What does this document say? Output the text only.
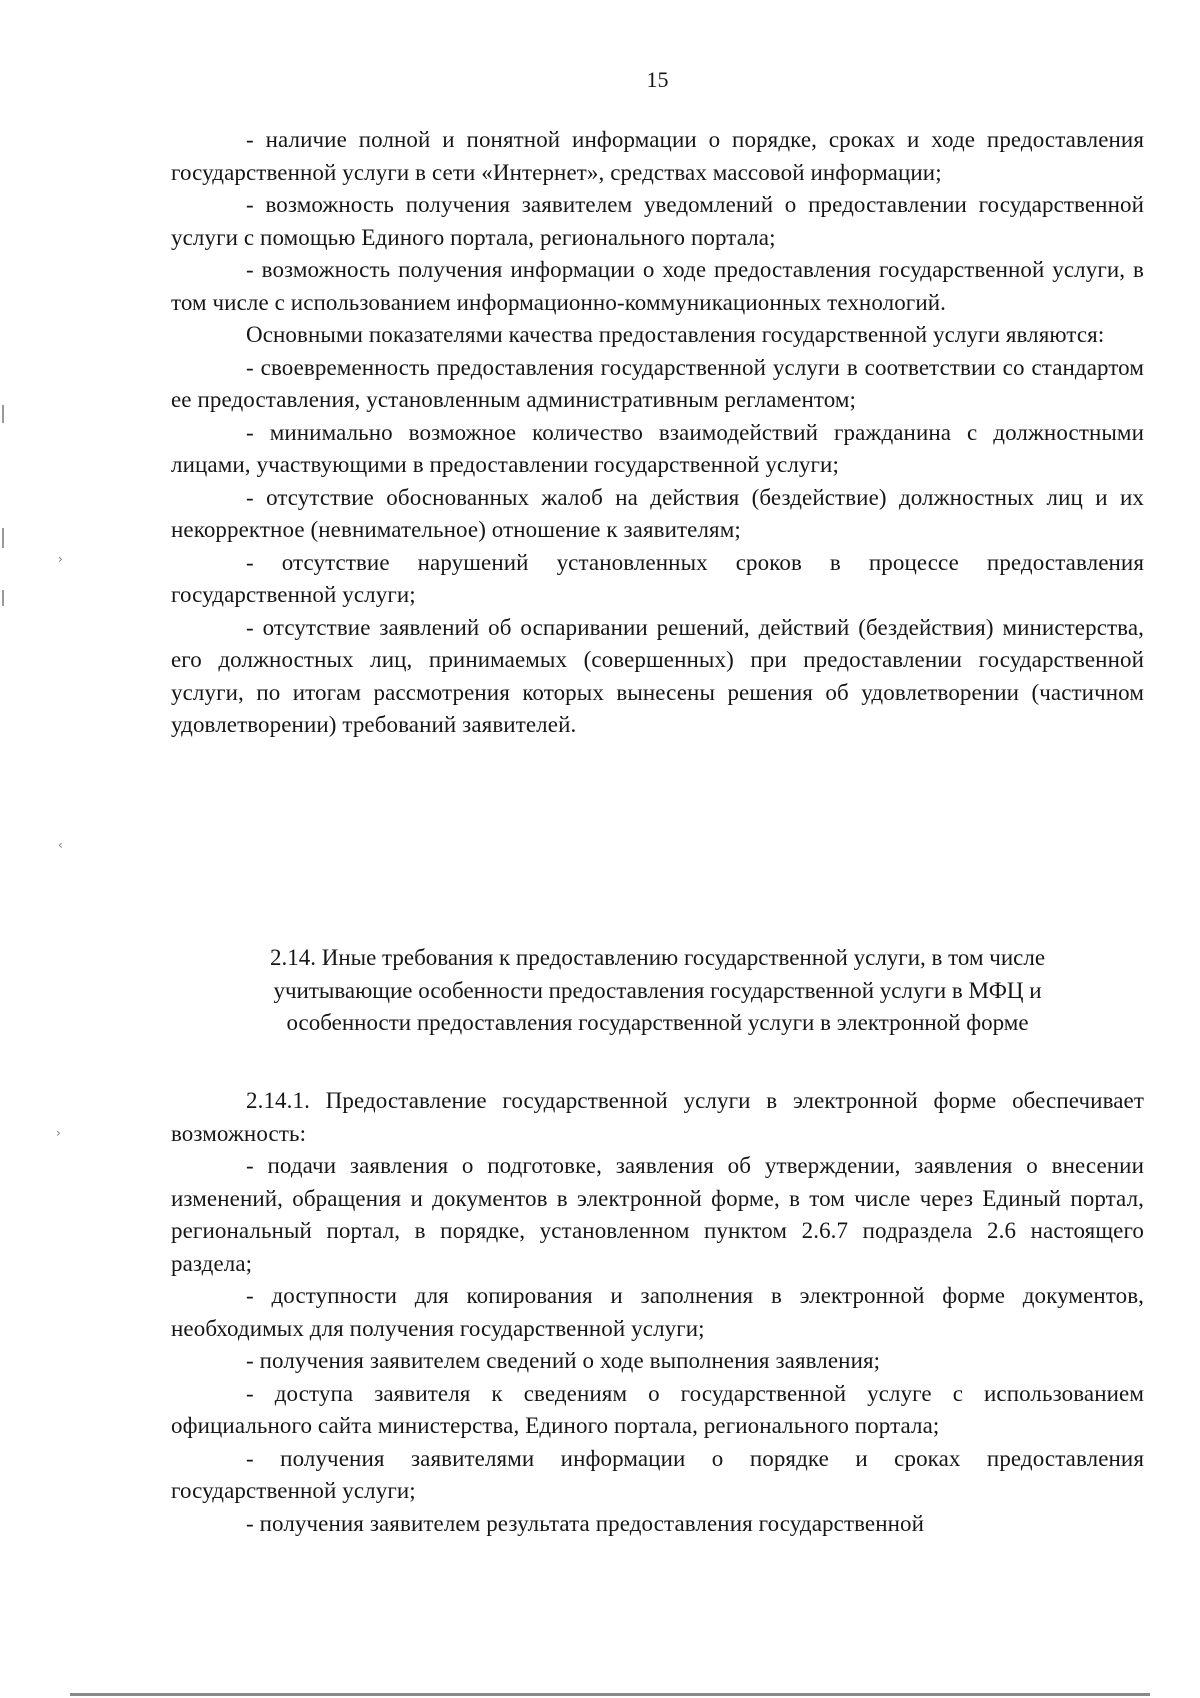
15

- наличие полной и понятной информации о порядке, сроках и ходе предоставления государственной услуги в сети «Интернет», средствах массовой информации;

- возможность получения заявителем уведомлений о предоставлении государственной услуги с помощью Единого портала, регионального портала;

- возможность получения информации о ходе предоставления государственной услуги, в том числе с использованием информационно-коммуникационных технологий.

Основными показателями качества предоставления государственной услуги являются:

- своевременность предоставления государственной услуги в соответствии со стандартом ее предоставления, установленным административным регламентом;

- минимально возможное количество взаимодействий гражданина с должностными лицами, участвующими в предоставлении государственной услуги;

- отсутствие обоснованных жалоб на действия (бездействие) должностных лиц и их некорректное (невнимательное) отношение к заявителям;

- отсутствие нарушений установленных сроков в процессе предоставления государственной услуги;

- отсутствие заявлений об оспаривании решений, действий (бездействия) министерства, его должностных лиц, принимаемых (совершенных) при предоставлении государственной услуги, по итогам рассмотрения которых вынесены решения об удовлетворении (частичном удовлетворении) требований заявителей.

2.14. Иные требования к предоставлению государственной услуги, в том числе
учитывающие особенности предоставления государственной услуги в МФЦ и
особенности предоставления государственной услуги в электронной форме

2.14.1. Предоставление государственной услуги в электронной форме обеспечивает возможность:

- подачи заявления о подготовке, заявления об утверждении, заявления о внесении изменений, обращения и документов в электронной форме, в том числе через Единый портал, региональный портал, в порядке, установленном пунктом 2.6.7 подраздела 2.6 настоящего раздела;

- доступности для копирования и заполнения в электронной форме документов, необходимых для получения государственной услуги;

- получения заявителем сведений о ходе выполнения заявления;

- доступа заявителя к сведениям о государственной услуге с использованием официального сайта министерства, Единого портала, регионального портала;

- получения заявителями информации о порядке и сроках предоставления государственной услуги;

- получения заявителем результата предоставления государственной

›
‹
›
